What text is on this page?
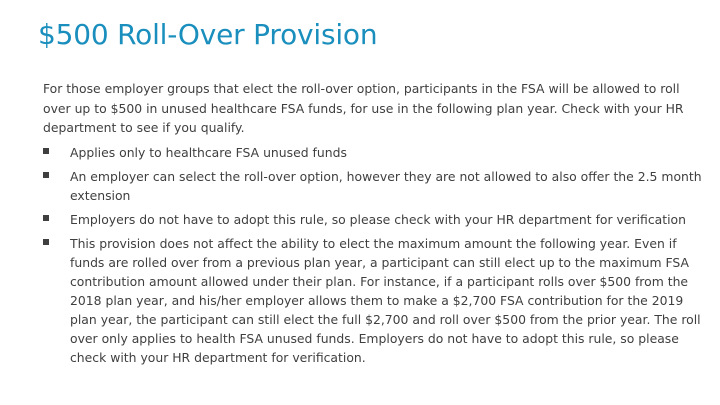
$500 Roll-Over Provision

For those employer groups that elect the roll-over option, participants in the FSA will be allowed to roll over up to $500 in unused healthcare FSA funds, for use in the following plan year. Check with your HR department to see if you qualify.

Applies only to healthcare FSA unused funds
An employer can select the roll-over option, however they are not allowed to also offer the 2.5 month extension
Employers do not have to adopt this rule, so please check with your HR department for verification
This provision does not affect the ability to elect the maximum amount the following year. Even if funds are rolled over from a previous plan year, a participant can still elect up to the maximum FSA contribution amount allowed under their plan. For instance, if a participant rolls over $500 from the 2018 plan year, and his/her employer allows them to make a $2,700 FSA contribution for the 2019 plan year, the participant can still elect the full $2,700 and roll over $500 from the prior year. The roll over only applies to health FSA unused funds. Employers do not have to adopt this rule, so please check with your HR department for verification.
